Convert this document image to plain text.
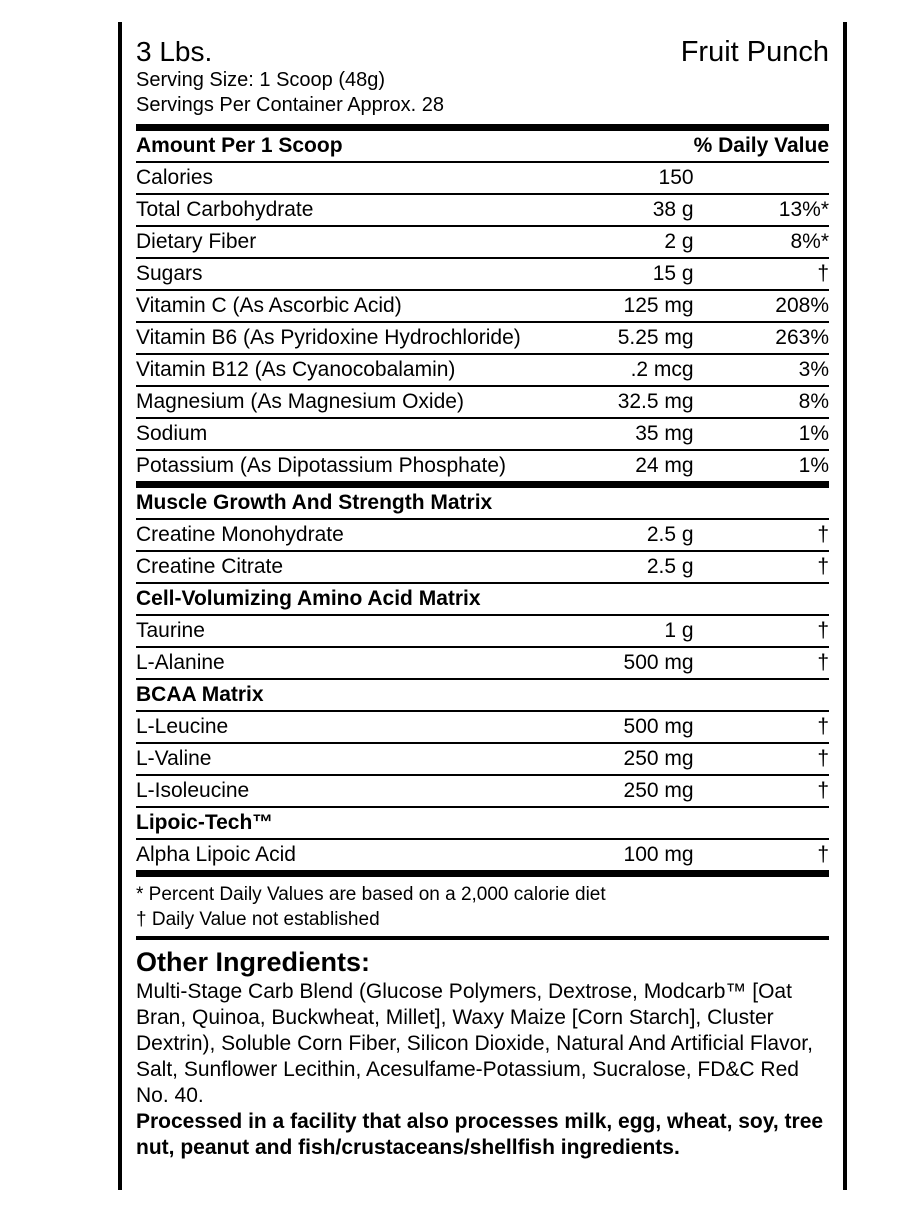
3 Lbs.	Fruit Punch
Serving Size: 1 Scoop (48g)
Servings Per Container Approx. 28
Amount Per 1 Scoop		% Daily Value
Calories	150	
Total Carbohydrate	38 g	13%*
Dietary Fiber	2 g	8%*
Sugars	15 g	†
Vitamin C (As Ascorbic Acid)	125 mg	208%
Vitamin B6 (As Pyridoxine Hydrochloride)	5.25 mg	263%
Vitamin B12 (As Cyanocobalamin)	.2 mcg	3%
Magnesium (As Magnesium Oxide)	32.5 mg	8%
Sodium	35 mg	1%
Potassium (As Dipotassium Phosphate)	24 mg	1%
Muscle Growth And Strength Matrix		
Creatine Monohydrate	2.5 g	†
Creatine Citrate	2.5 g	†
Cell-Volumizing Amino Acid Matrix		
Taurine	1 g	†
L-Alanine	500 mg	†
BCAA Matrix		
L-Leucine	500 mg	†
L-Valine	250 mg	†
L-Isoleucine	250 mg	†
Lipoic-Tech™		
Alpha Lipoic Acid	100 mg	†
* Percent Daily Values are based on a 2,000 calorie diet
† Daily Value not established
Other Ingredients:
Multi-Stage Carb Blend (Glucose Polymers, Dextrose, Modcarb™ [Oat Bran, Quinoa, Buckwheat, Millet], Waxy Maize [Corn Starch], Cluster Dextrin), Soluble Corn Fiber, Silicon Dioxide, Natural And Artificial Flavor, Salt, Sunflower Lecithin, Acesulfame-Potassium, Sucralose, FD&C Red No. 40.
Processed in a facility that also processes milk, egg, wheat, soy, tree nut, peanut and fish/crustaceans/shellfish ingredients.
